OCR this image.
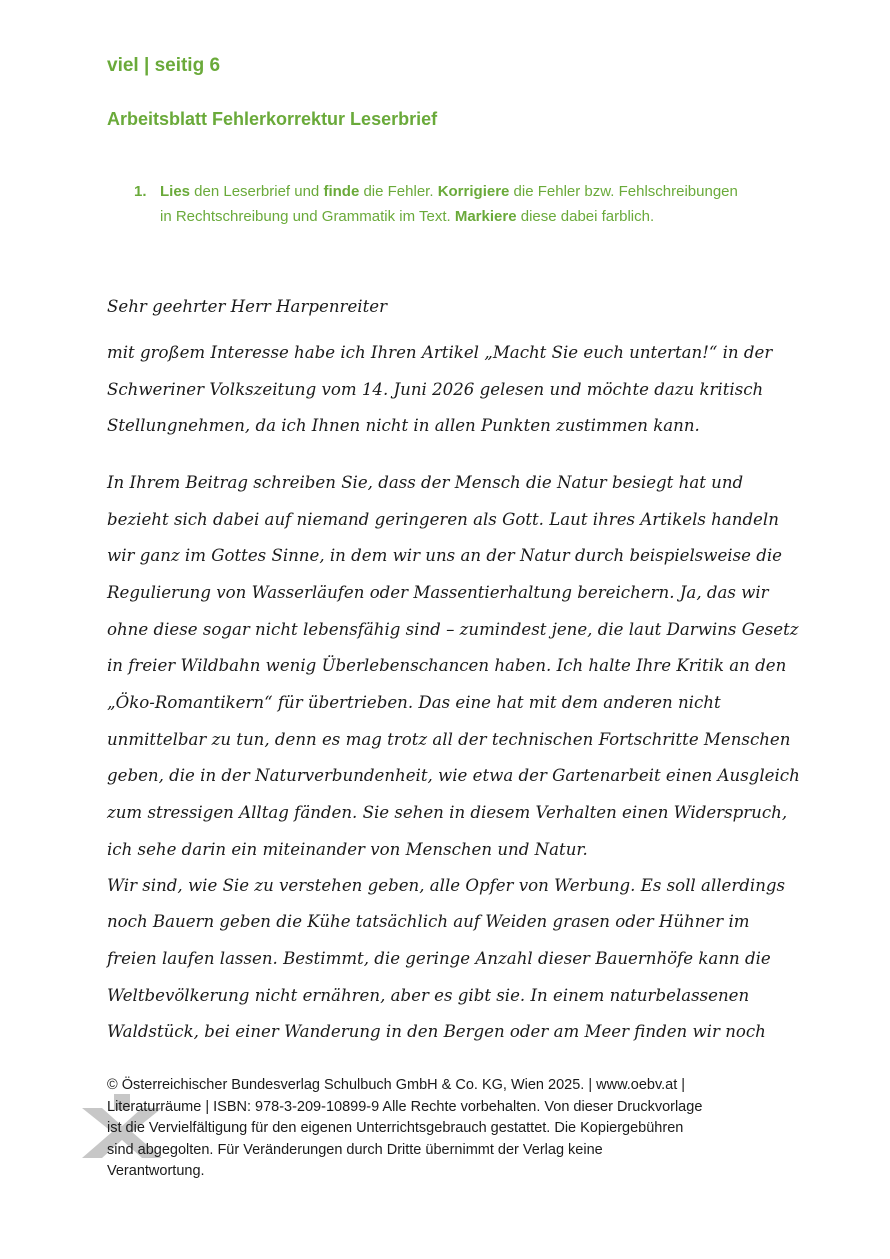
viel | seitig 6
Arbeitsblatt Fehlerkorrektur Leserbrief
1. Lies den Leserbrief und finde die Fehler. Korrigiere die Fehler bzw. Fehlschreibungen
in Rechtschreibung und Grammatik im Text. Markiere diese dabei farblich.
Sehr geehrter Herr Harpenreiter
mit großem Interesse habe ich Ihren Artikel „Macht Sie euch untertan!“ in der
Schweriner Volkszeitung vom 14. Juni 2026 gelesen und möchte dazu kritisch
Stellungnehmen, da ich Ihnen nicht in allen Punkten zustimmen kann.
In Ihrem Beitrag schreiben Sie, dass der Mensch die Natur besiegt hat und
bezieht sich dabei auf niemand geringeren als Gott. Laut ihres Artikels handeln
wir ganz im Gottes Sinne, in dem wir uns an der Natur durch beispielsweise die
Regulierung von Wasserläufen oder Massentierhaltung bereichern. Ja, das wir
ohne diese sogar nicht lebensfähig sind – zumindest jene, die laut Darwins Gesetz
in freier Wildbahn wenig Überlebenschancen haben. Ich halte Ihre Kritik an den
„Öko-Romantikern“ für übertrieben. Das eine hat mit dem anderen nicht
unmittelbar zu tun, denn es mag trotz all der technischen Fortschritte Menschen
geben, die in der Naturverbundenheit, wie etwa der Gartenarbeit einen Ausgleich
zum stressigen Alltag fänden. Sie sehen in diesem Verhalten einen Widerspruch,
ich sehe darin ein miteinander von Menschen und Natur.
Wir sind, wie Sie zu verstehen geben, alle Opfer von Werbung. Es soll allerdings
noch Bauern geben die Kühe tatsächlich auf Weiden grasen oder Hühner im
freien laufen lassen. Bestimmt, die geringe Anzahl dieser Bauernhöfe kann die
Weltbevölkerung nicht ernähren, aber es gibt sie. In einem naturbelassenen
Waldstück, bei einer Wanderung in den Bergen oder am Meer finden wir noch
© Österreichischer Bundesverlag Schulbuch GmbH & Co. KG, Wien 2025. | www.oebv.at |
Literaturräume | ISBN: 978-3-209-10899-9 Alle Rechte vorbehalten. Von dieser Druckvorlage
ist die Vervielfältigung für den eigenen Unterrichtsgebrauch gestattet. Die Kopiergebühren
sind abgegolten. Für Veränderungen durch Dritte übernimmt der Verlag keine
Verantwortung.
